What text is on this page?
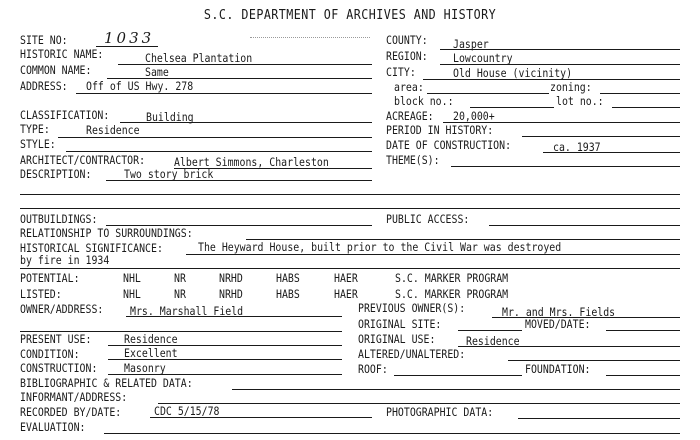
S.C. DEPARTMENT OF ARCHIVES AND HISTORY
SITE NO: 1033
HISTORIC NAME:	Chelsea Plantation
COMMON NAME:	Same
ADDRESS: Off of US Hwy. 278
COUNTY: Jasper
REGION: Lowcountry
CITY:	Old House (vicinity)
area:	zoning:
block no.:	lot no.:
CLASSIFICATION:	Building
TYPE:	Residence
STYLE:
ARCHITECT/CONTRACTOR:	Albert Simmons, Charleston
DESCRIPTION:	Two story brick
ACREAGE: 20,000+
PERIOD IN HISTORY:
DATE OF CONSTRUCTION:	ca. 1937
THEME(S):
OUTBUILDINGS:	PUBLIC ACCESS:
RELATIONSHIP TO SURROUNDINGS:
HISTORICAL SIGNIFICANCE:	The Heyward House, built prior to the Civil War was destroyed
by fire in 1934
POTENTIAL:	NHL	NR	NRHD	HABS	HAER	S.C. MARKER PROGRAM
LISTED:	NHL	NR	NRHD	HABS	HAER	S.C. MARKER PROGRAM
OWNER/ADDRESS: Mrs. Marshall Field	PREVIOUS OWNER(S):	Mr. and Mrs. Fields
ORIGINAL SITE:	MOVED/DATE:
PRESENT USE:	Residence	ORIGINAL USE:	Residence
CONDITION:	Excellent	ALTERED/UNALTERED:
CONSTRUCTION: Masonry	ROOF:	FOUNDATION:
BIBLIOGRAPHIC & RELATED DATA:
INFORMANT/ADDRESS:
RECORDED BY/DATE:	CDC 5/15/78	PHOTOGRAPHIC DATA:
EVALUATION:
